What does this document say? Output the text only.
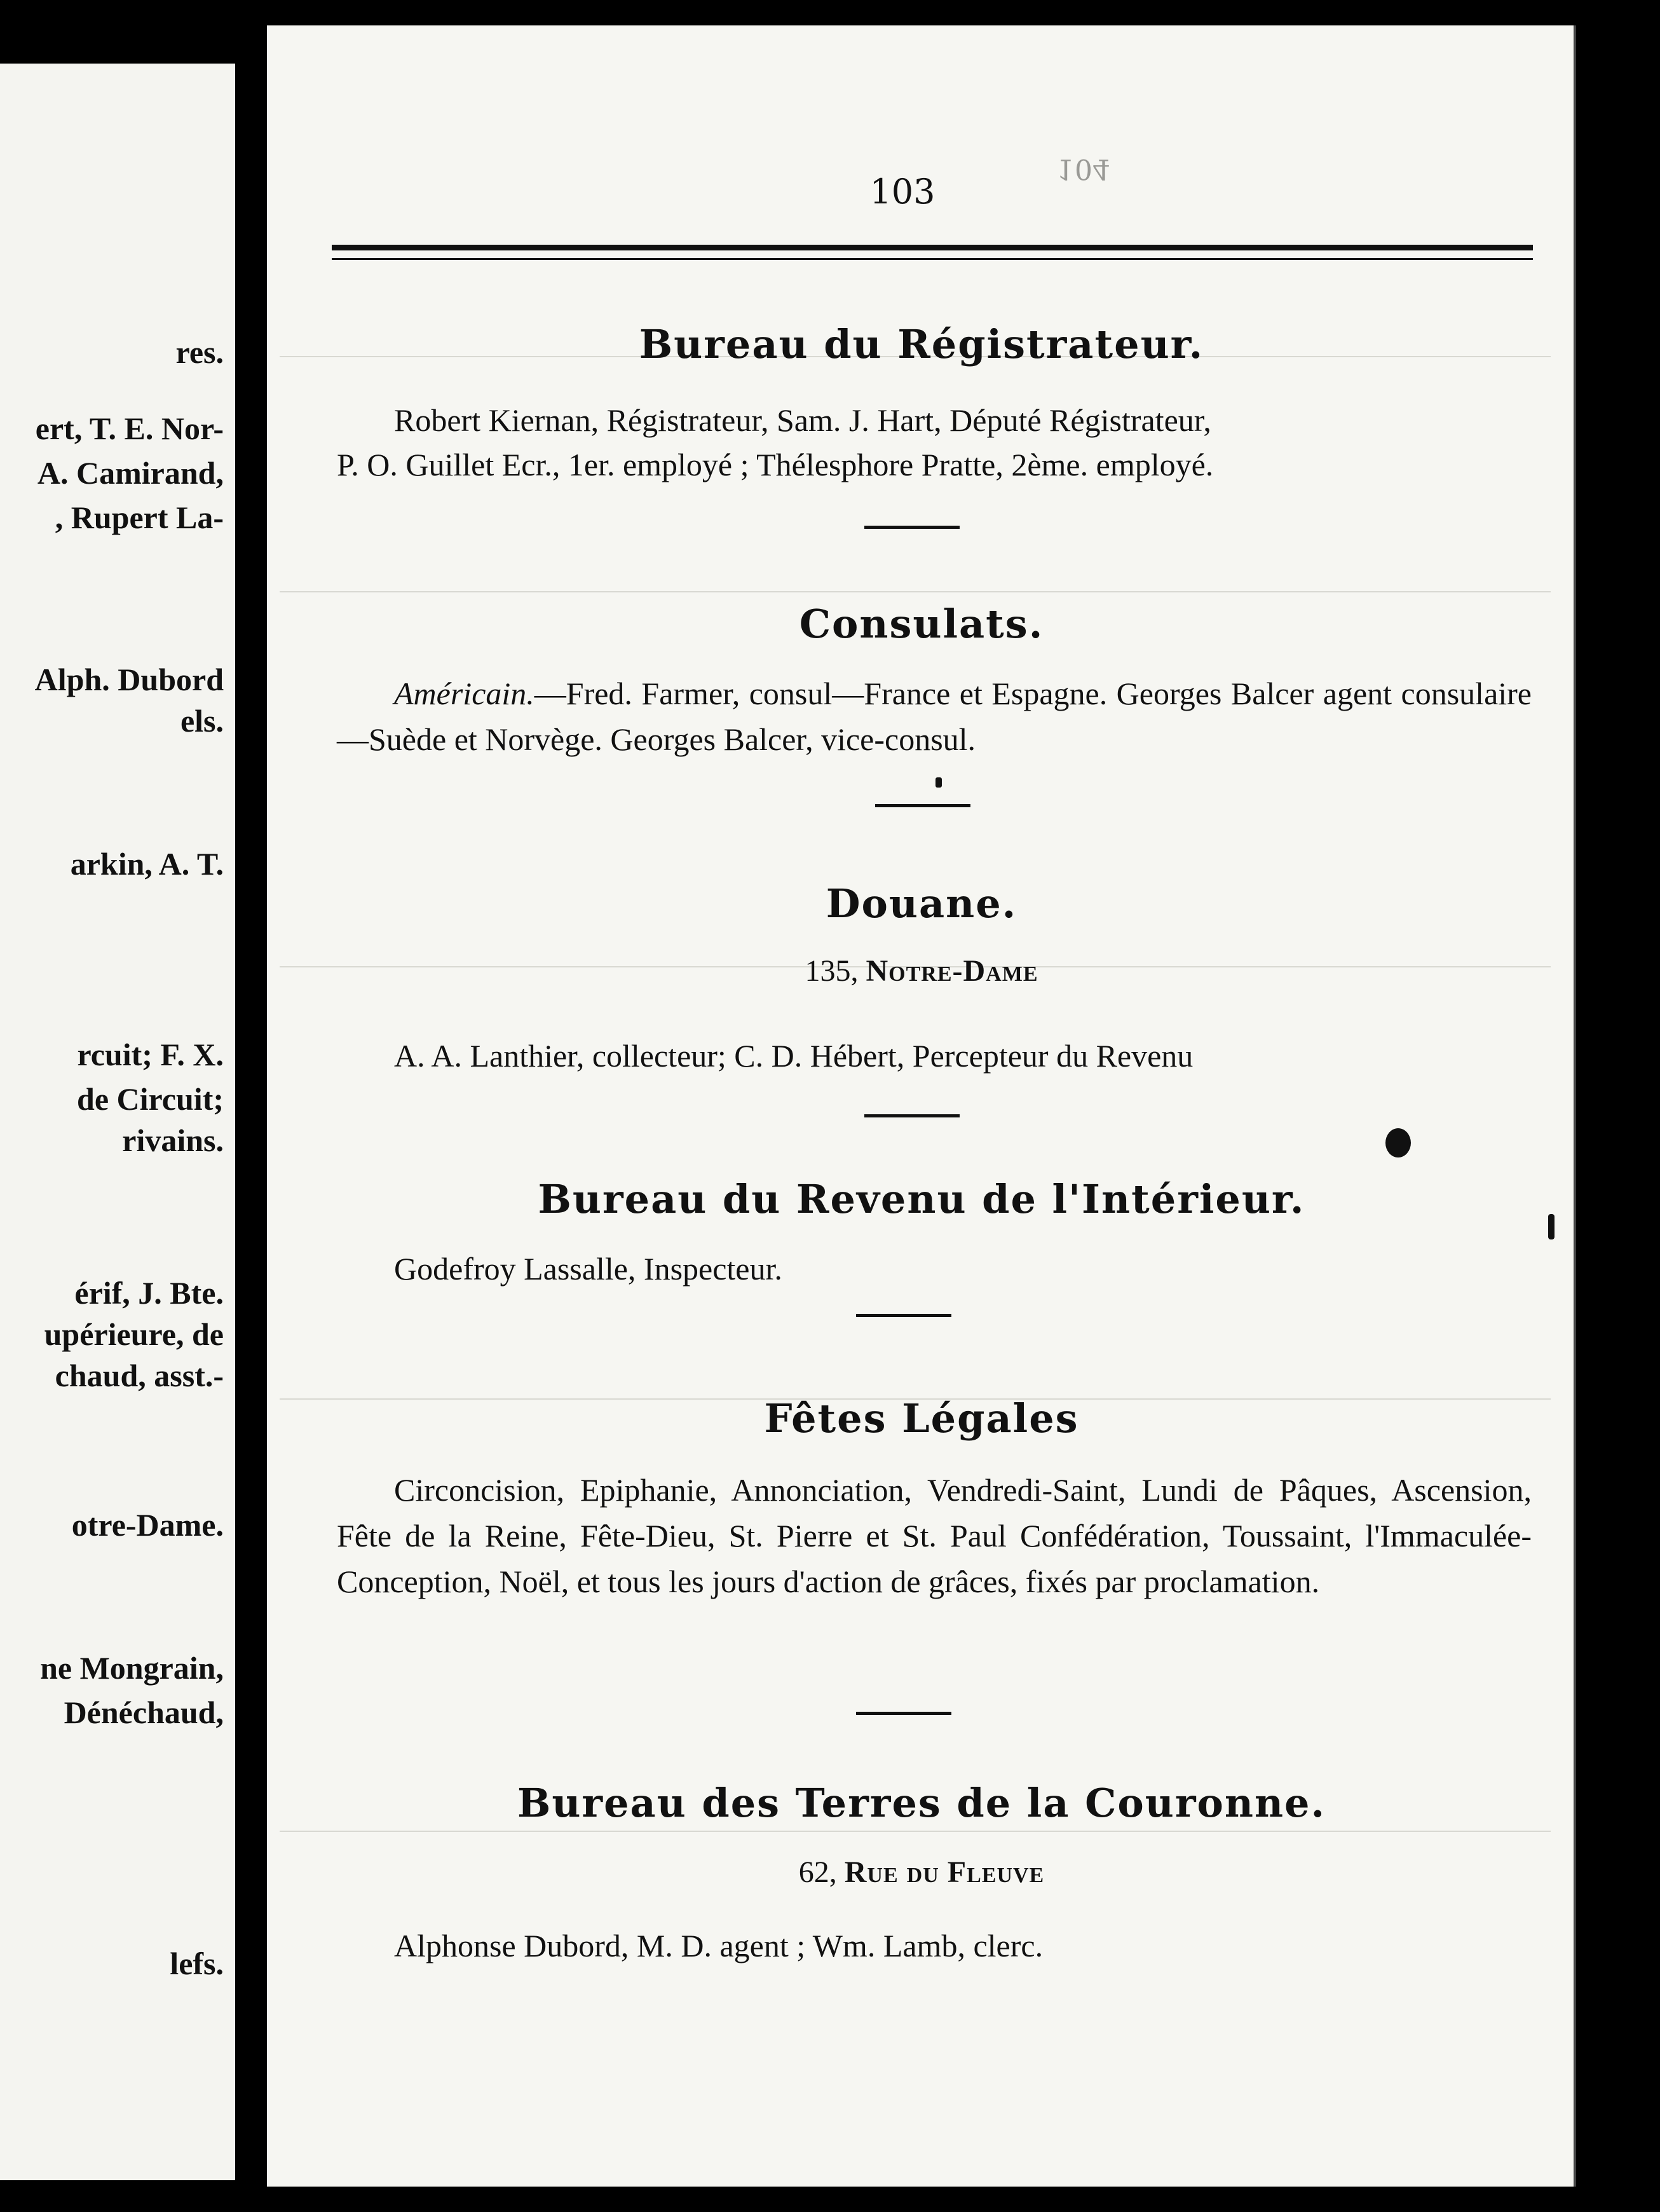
res.
ert, T. E. Nor-
A. Camirand,
, Rupert La-
Alph. Dubord
els.
arkin, A. T.
rcuit; F. X.
de Circuit;
rivains.
érif, J. Bte.
upérieure, de
chaud, asst.-
otre-Dame.
ne Mongrain,
Dénéchaud,
lefs.
104
103
Bureau du Régistrateur.
Robert Kiernan, Régistrateur, Sam. J. Hart, Député Régistrateur,
P. O. Guillet Ecr., 1er. employé ; Thélesphore Pratte, 2ème. employé.
Consulats.
Américain.—Fred. Farmer, consul—France et Espagne. Georges Balcer agent consulaire—Suède et Norvège. Georges Balcer, vice-consul.
Douane.
135, Notre-Dame
A. A. Lanthier, collecteur; C. D. Hébert, Percepteur du Revenu
Bureau du Revenu de l'Intérieur.
Godefroy Lassalle, Inspecteur.
Fêtes Légales
Circoncision, Epiphanie, Annonciation, Vendredi-Saint, Lundi de Pâques, Ascension, Fête de la Reine, Fête-Dieu, St. Pierre et St. Paul Confédération, Toussaint, l'Immaculée-Conception, Noël, et tous les jours d'action de grâces, fixés par proclamation.
Bureau des Terres de la Couronne.
62, Rue du Fleuve
Alphonse Dubord, M. D. agent ; Wm. Lamb, clerc.
